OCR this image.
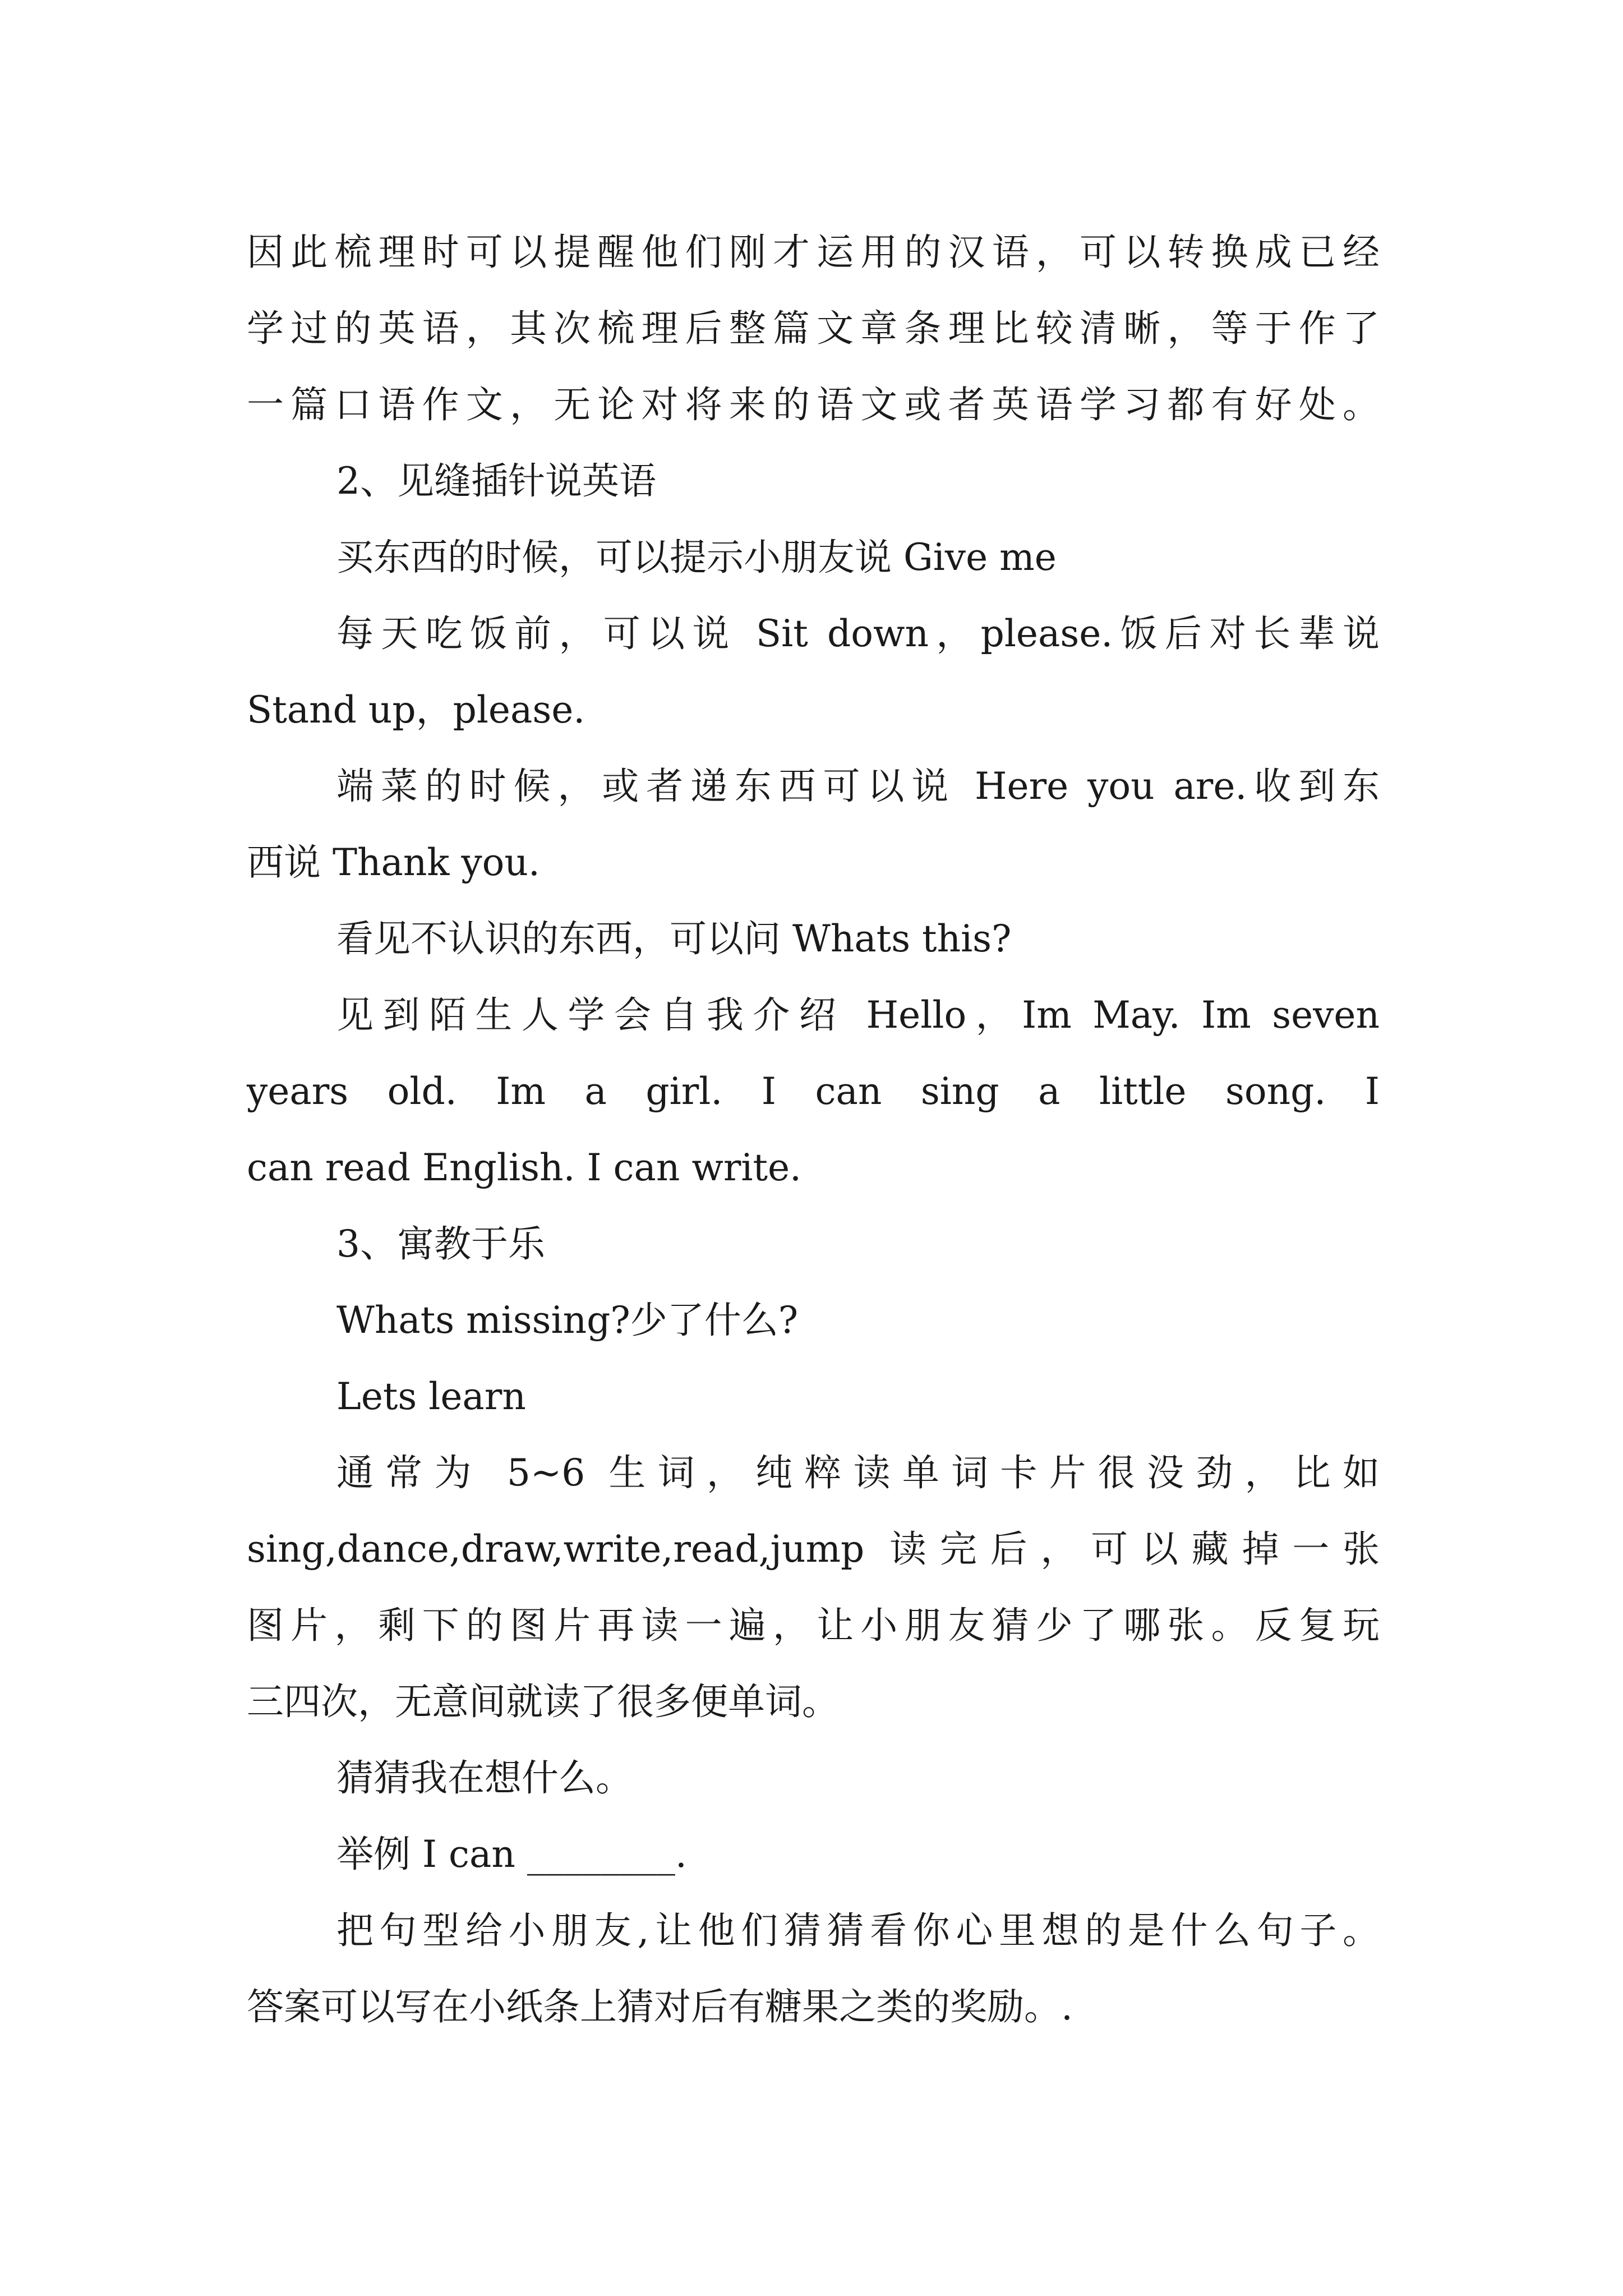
因此梳理时可以提醒他们刚才运用的汉语，可以转换成已经
学过的英语，其次梳理后整篇文章条理比较清晰，等于作了
一篇口语作文，无论对将来的语文或者英语学习都有好处。
2、见缝插针说英语
买东西的时候，可以提示小朋友说 Give me
每天吃饭前，可以说 Sit down，please.饭后对长辈说
Stand up，please.
端菜的时候，或者递东西可以说 Here you are.收到东
西说 Thank you.
看见不认识的东西，可以问 Whats this?
见到陌生人学会自我介绍 Hello，Im May. Im seven
years old. Im a girl. I can sing a little song. I
can read English. I can write.
3、寓教于乐
Whats missing?少了什么?
Lets learn
通常为 5~6 生词，纯粹读单词卡片很没劲，比如
sing,dance,draw,write,read,jump 读完后，可以藏掉一张
图片，剩下的图片再读一遍，让小朋友猜少了哪张。反复玩
三四次，无意间就读了很多便单词。
猜猜我在想什么。
举例 I can ________.
把句型给小朋友,让他们猜猜看你心里想的是什么句子。
答案可以写在小纸条上猜对后有糖果之类的奖励。.
